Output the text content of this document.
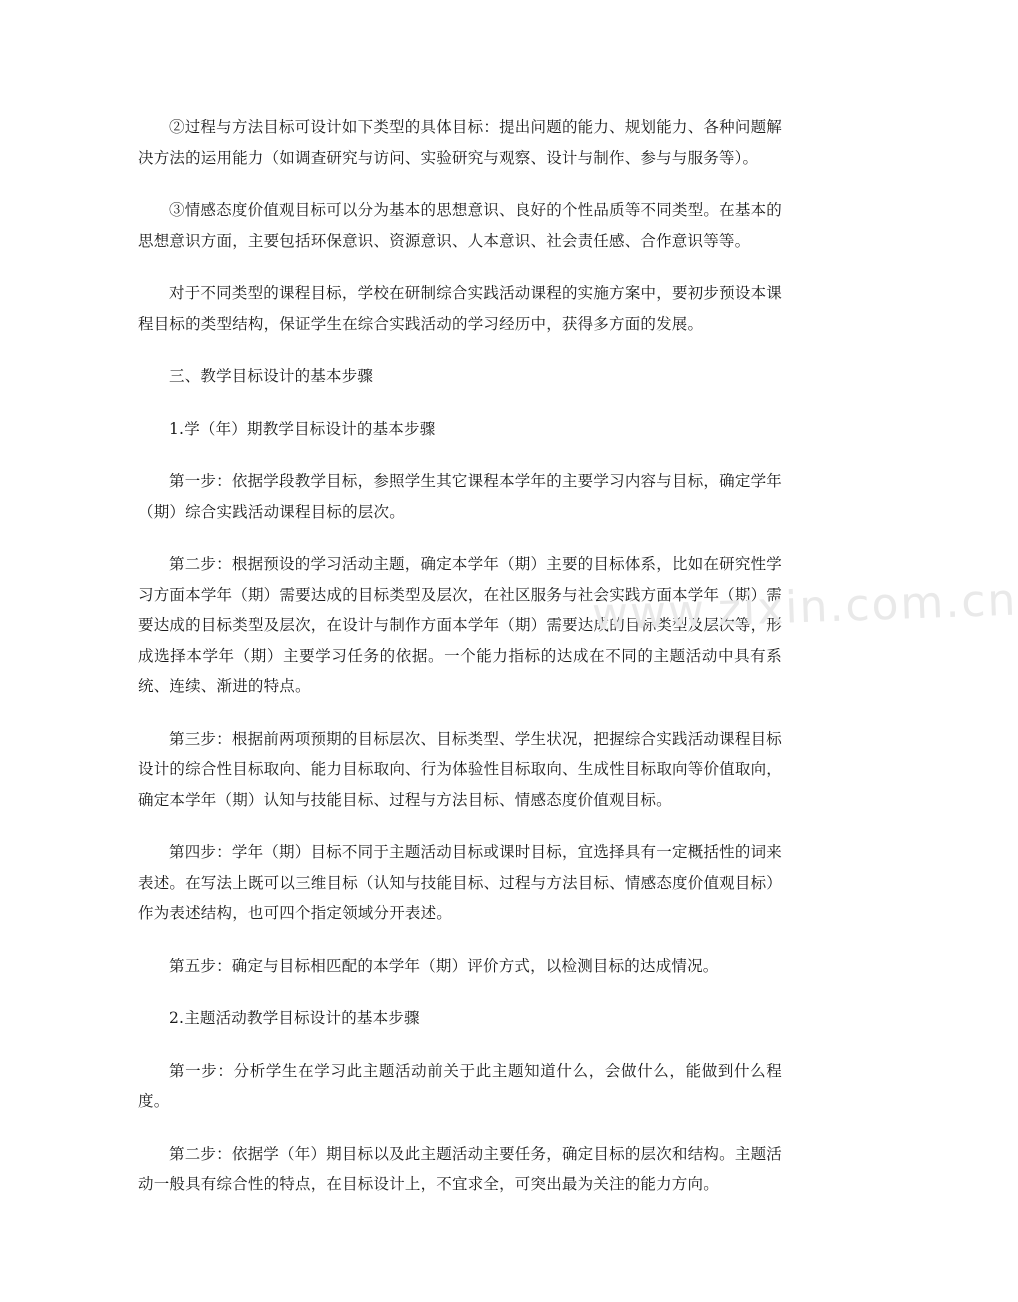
②过程与方法目标可设计如下类型的具体目标：提出问题的能力、规划能力、各种问题解决方法的运用能力（如调查研究与访问、实验研究与观察、设计与制作、参与与服务等）。

③情感态度价值观目标可以分为基本的思想意识、良好的个性品质等不同类型。在基本的思想意识方面，主要包括环保意识、资源意识、人本意识、社会责任感、合作意识等等。

对于不同类型的课程目标，学校在研制综合实践活动课程的实施方案中，要初步预设本课程目标的类型结构，保证学生在综合实践活动的学习经历中，获得多方面的发展。

三、教学目标设计的基本步骤

1.学（年）期教学目标设计的基本步骤

第一步：依据学段教学目标，参照学生其它课程本学年的主要学习内容与目标，确定学年（期）综合实践活动课程目标的层次。

第二步：根据预设的学习活动主题，确定本学年（期）主要的目标体系，比如在研究性学习方面本学年（期）需要达成的目标类型及层次，在社区服务与社会实践方面本学年（期）需要达成的目标类型及层次，在设计与制作方面本学年（期）需要达成的目标类型及层次等，形成选择本学年（期）主要学习任务的依据。一个能力指标的达成在不同的主题活动中具有系统、连续、渐进的特点。

第三步：根据前两项预期的目标层次、目标类型、学生状况，把握综合实践活动课程目标设计的综合性目标取向、能力目标取向、行为体验性目标取向、生成性目标取向等价值取向，确定本学年（期）认知与技能目标、过程与方法目标、情感态度价值观目标。

第四步：学年（期）目标不同于主题活动目标或课时目标，宜选择具有一定概括性的词来表述。在写法上既可以三维目标（认知与技能目标、过程与方法目标、情感态度价值观目标）作为表述结构，也可四个指定领域分开表述。

第五步：确定与目标相匹配的本学年（期）评价方式，以检测目标的达成情况。

2.主题活动教学目标设计的基本步骤

第一步：分析学生在学习此主题活动前关于此主题知道什么，会做什么，能做到什么程度。

第二步：依据学（年）期目标以及此主题活动主要任务，确定目标的层次和结构。主题活动一般具有综合性的特点，在目标设计上，不宜求全，可突出最为关注的能力方向。

www.zixin.com.cn
